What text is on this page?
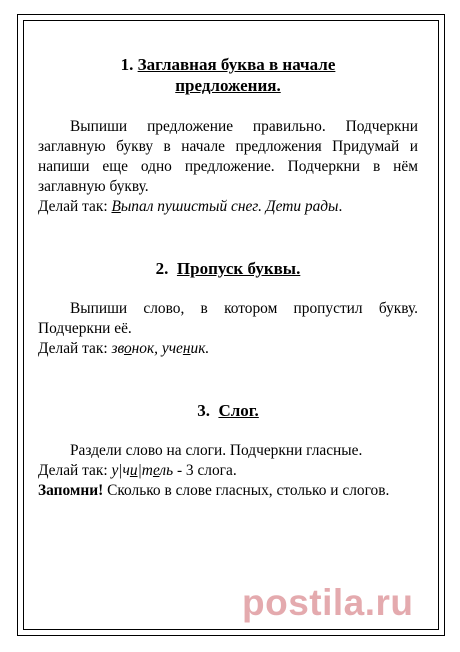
1. Заглавная буква в начале
предложения.

Выпиши предложение правильно. Подчеркни заглавную букву в начале предложения Придумай и напиши еще одно предложение. Подчеркни в нём заглавную букву.

Делай так: Выпал пушистый снег. Дети рады.

2. Пропуск буквы.

Выпиши слово, в котором пропустил букву. Подчеркни её.

Делай так: звонок, ученик.

3. Слог.

Раздели слово на слоги. Подчеркни гласные.

Делай так: у|чи|тель - 3 слога.

Запомни! Сколько в слове гласных, столько и слогов.

postila.ru
